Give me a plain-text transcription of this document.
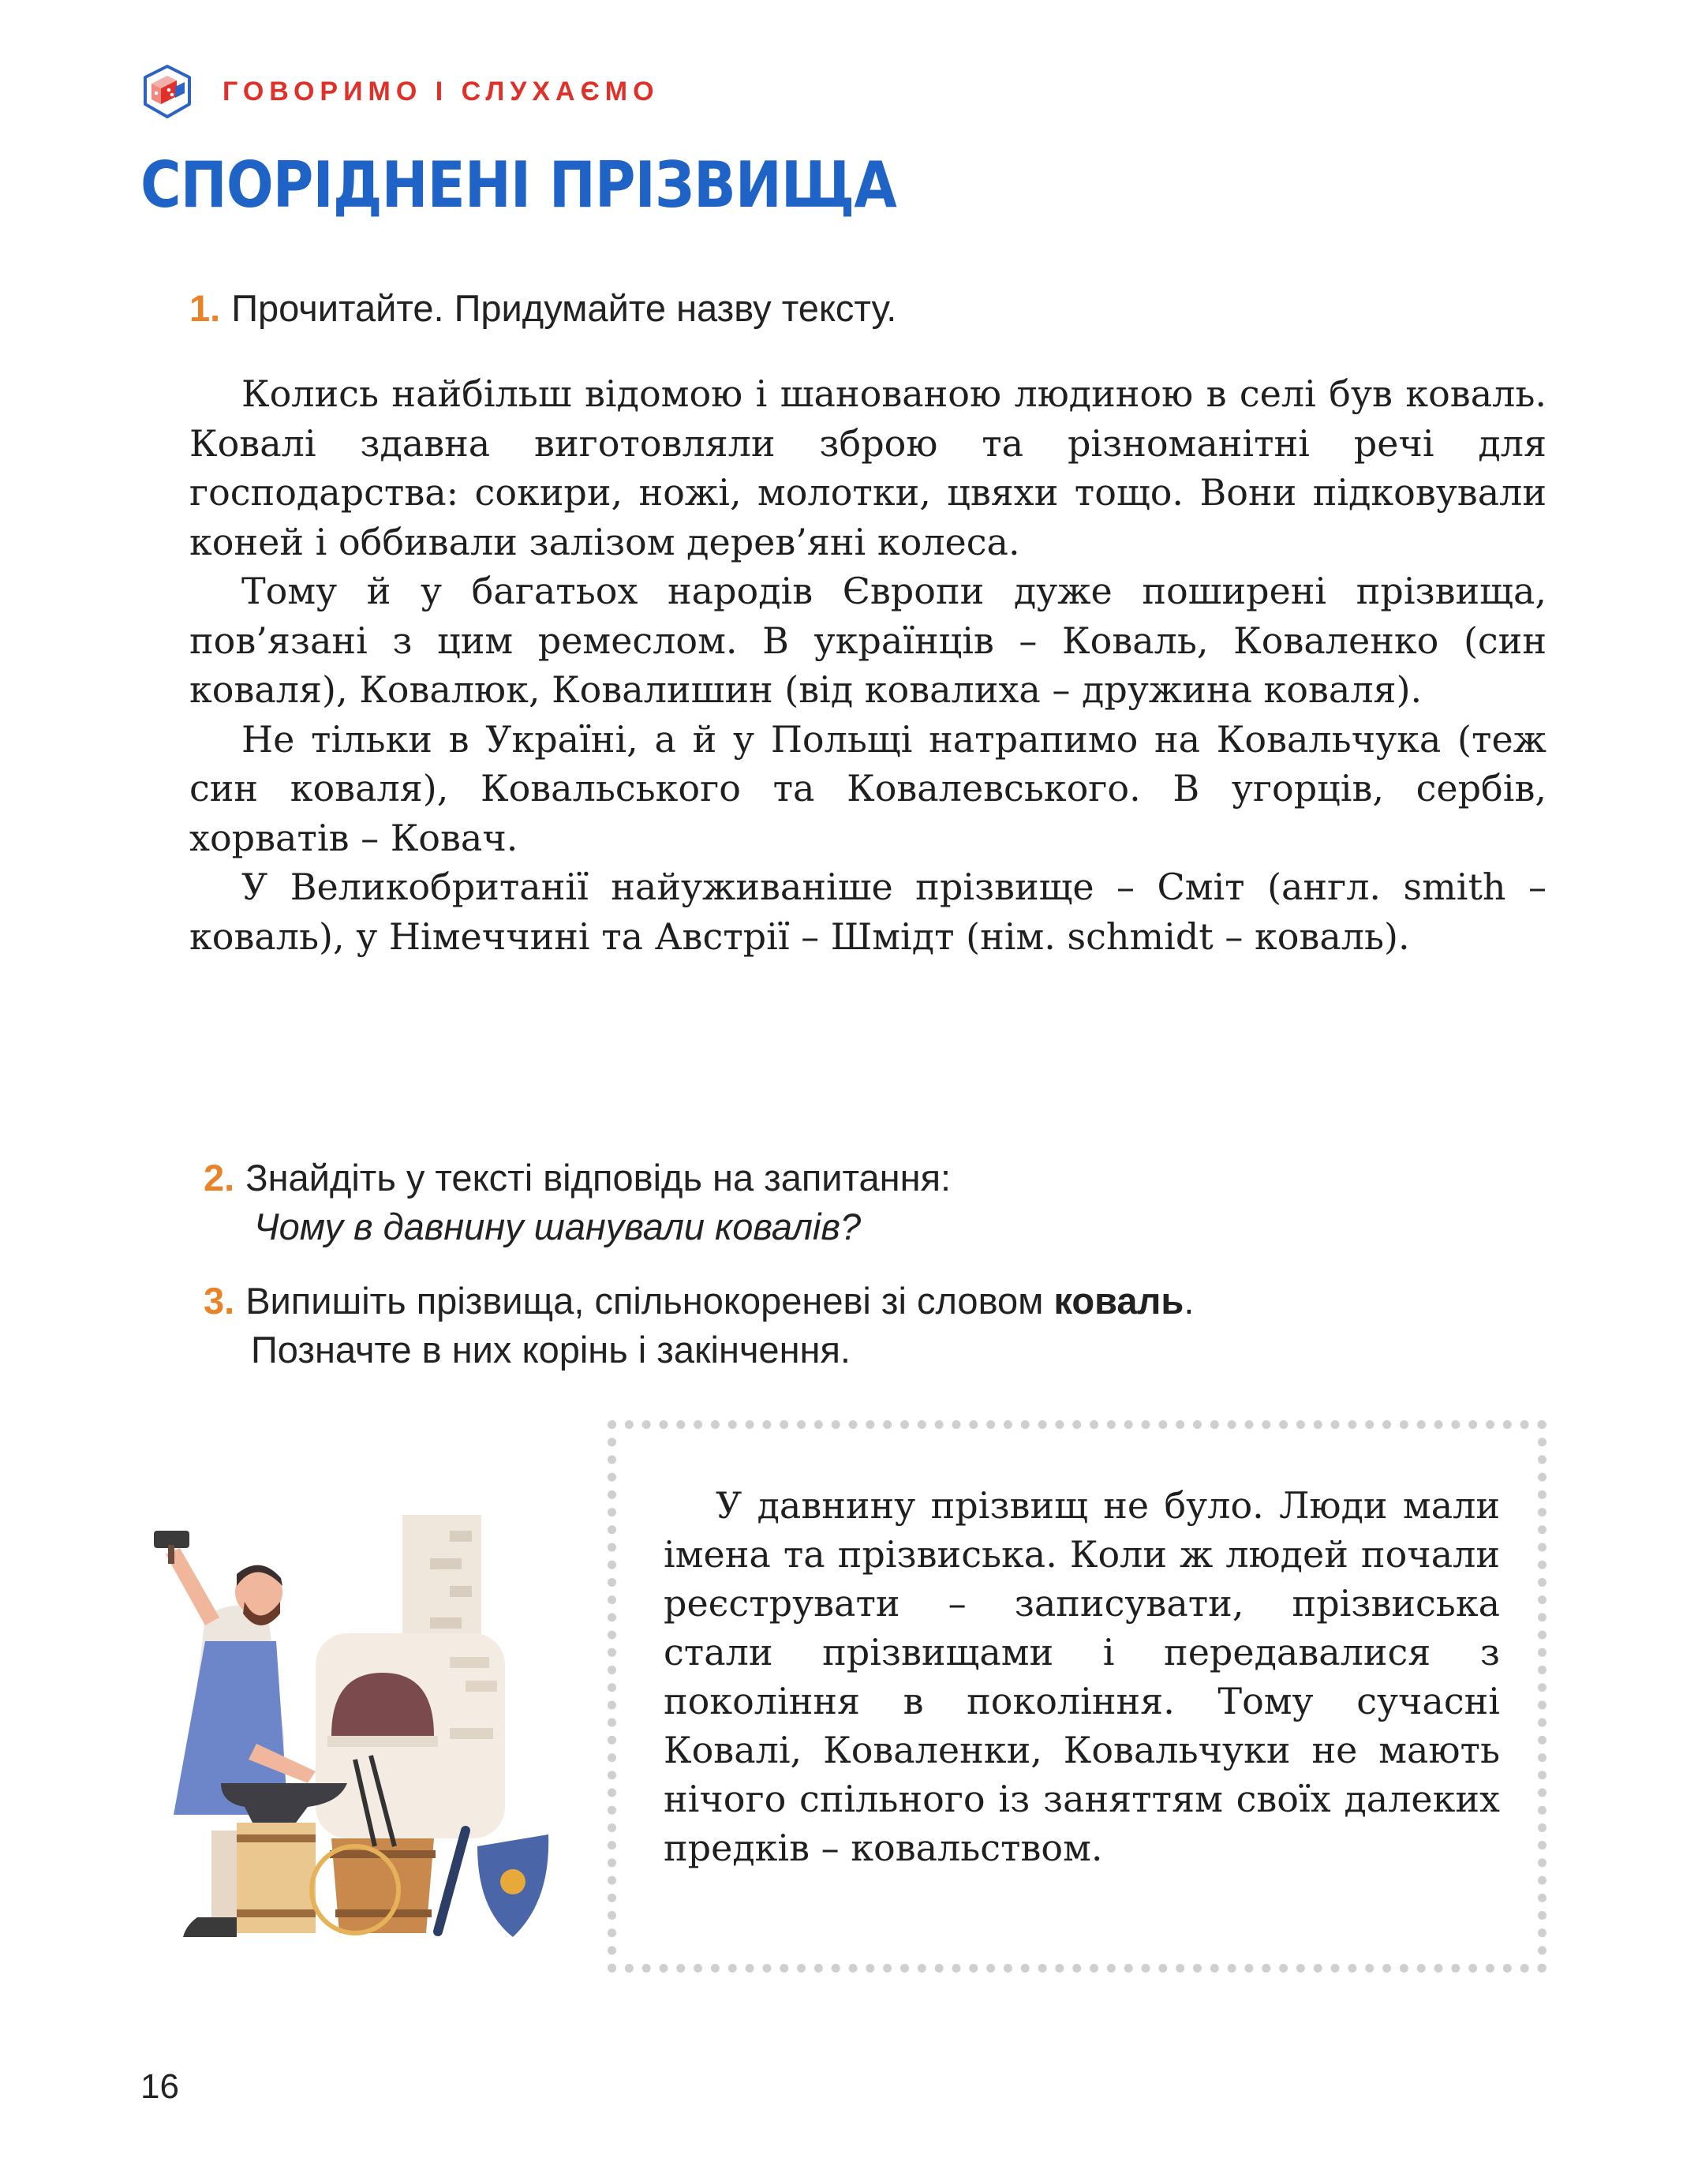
ГОВОРИМО І СЛУХАЄМО
СПОРІДНЕНІ ПРІЗВИЩА
1. Прочитайте. Придумайте назву тексту.

Колись найбільш відомою і шанованою людиною в селі був коваль. Ковалі здавна виготовляли зброю та різноманітні речі для господарства: сокири, ножі, молотки, цвяхи тощо. Вони підковували коней і оббивали залізом дерев’яні колеса.

Тому й у багатьох народів Європи дуже поширені прізвища, пов’язані з цим ремеслом. В українців – Коваль, Коваленко (син коваля), Ковалюк, Ковалишин (від ковалиха – дружина коваля).

Не тільки в Україні, а й у Польщі натрапимо на Ковальчука (теж син коваля), Ковальського та Ковалевського. В угорців, сербів, хорватів – Ковач.

У Великобританії найуживаніше прізвище – Сміт (англ. smith – коваль), у Німеччині та Австрії – Шмідт (нім. schmidt – коваль).

2. Знайдіть у тексті відповідь на запитання:
Чому в давнину шанували ковалів?
3. Випишіть прізвища, спільнокореневі зі словом коваль.
Позначте в них корінь і закінчення.

У давнину прізвищ не було. Люди мали імена та прізвиська. Коли ж людей почали реєструвати – записувати, прізвиська стали прізвищами і передавалися з покоління в покоління. Тому сучасні Ковалі, Коваленки, Ковальчуки не мають нічого спільного із заняттям своїх далеких предків – ковальством.

16
